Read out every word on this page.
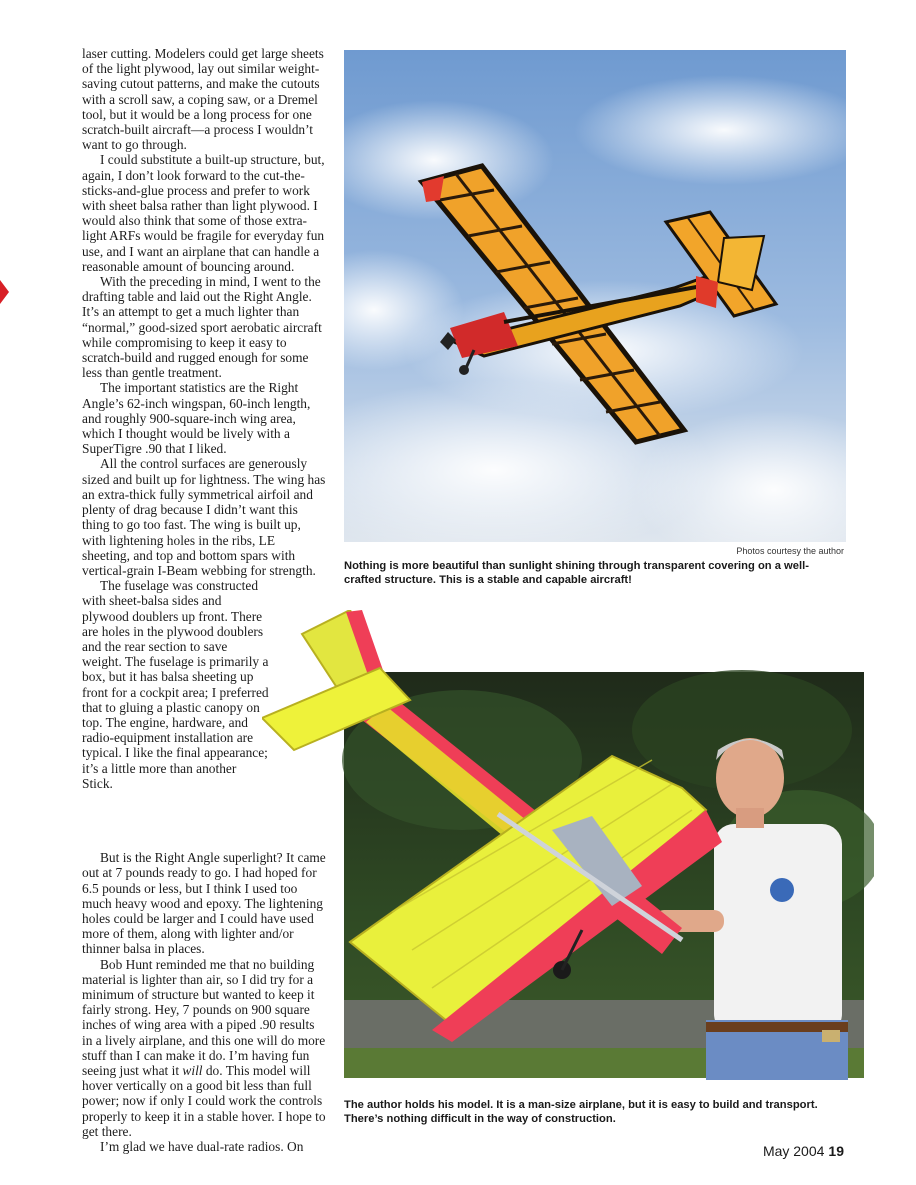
laser cutting. Modelers could get large sheets of the light plywood, lay out similar weight-saving cutout patterns, and make the cutouts with a scroll saw, a coping saw, or a Dremel tool, but it would be a long process for one scratch-built aircraft—a process I wouldn’t want to go through.

I could substitute a built-up structure, but, again, I don’t look forward to the cut-the-sticks-and-glue process and prefer to work with sheet balsa rather than light plywood. I would also think that some of those extra-light ARFs would be fragile for everyday fun use, and I want an airplane that can handle a reasonable amount of bouncing around.

With the preceding in mind, I went to the drafting table and laid out the Right Angle. It’s an attempt to get a much lighter than “normal,” good-sized sport aerobatic aircraft while compromising to keep it easy to scratch-build and rugged enough for some less than gentle treatment.

The important statistics are the Right Angle’s 62-inch wingspan, 60-inch length, and roughly 900-square-inch wing area, which I thought would be lively with a SuperTigre .90 that I liked.

All the control surfaces are generously sized and built up for lightness. The wing has an extra-thick fully symmetrical airfoil and plenty of drag because I didn’t want this thing to go too fast. The wing is built up, with lightening holes in the ribs, LE sheeting, and top and bottom spars with vertical-grain I-Beam webbing for strength.

The fuselage was constructed with sheet-balsa sides and plywood doublers up front. There are holes in the plywood doublers and the rear section to save weight. The fuselage is primarily a box, but it has balsa sheeting up front for a cockpit area; I preferred that to gluing a plastic canopy on top. The engine, hardware, and radio-equipment installation are typical. I like the final appearance; it’s a little more than another Stick.

But is the Right Angle superlight? It came out at 7 pounds ready to go. I had hoped for 6.5 pounds or less, but I think I used too much heavy wood and epoxy. The lightening holes could be larger and I could have used more of them, along with lighter and/or thinner balsa in places.

Bob Hunt reminded me that no building material is lighter than air, so I did try for a minimum of structure but wanted to keep it fairly strong. Hey, 7 pounds on 900 square inches of wing area with a piped .90 results in a lively airplane, and this one will do more stuff than I can make it do. I’m having fun seeing just what it will do. This model will hover vertically on a good bit less than full power; now if only I could work the controls properly to keep it in a stable hover. I hope to get there.

I’m glad we have dual-rate radios. On

Photos courtesy the author
Nothing is more beautiful than sunlight shining through transparent covering on a well-crafted structure. This is a stable and capable aircraft!
The author holds his model. It is a man-size airplane, but it is easy to build and transport. There’s nothing difficult in the way of construction.
May 2004 19
